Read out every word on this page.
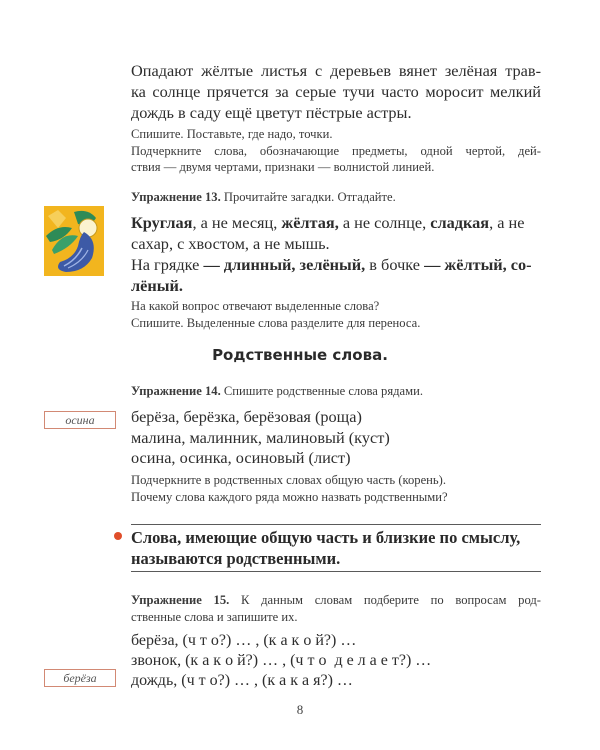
Опадают жёлтые листья с деревьев вянет зелёная трав-
ка солнце прячется за серые тучи часто моросит мелкий
дождь в саду ещё цветут пёстрые астры.
Спишите. Поставьте, где надо, точки.
Подчеркните слова, обозначающие предметы, одной чертой, дей-
ствия — двумя чертами, признаки — волнистой линией.
Упражнение 13. Прочитайте загадки. Отгадайте.
Круглая, а не месяц, жёлтая, а не солнце, сладкая, а не
сахар, с хвостом, а не мышь.
На грядке — длинный, зелёный, в бочке — жёлтый, со-
лёный.
На какой вопрос отвечают выделенные слова?
Спишите. Выделенные слова разделите для переноса.
Родственные слова.
Упражнение 14. Спишите родственные слова рядами.
осина	берёза, берёзка, берёзовая (роща)
малина, малинник, малиновый (куст)
осина, осинка, осиновый (лист)
Подчеркните в родственных словах общую часть (корень).
Почему слова каждого ряда можно назвать родственными?
Слова, имеющие общую часть и близкие по смыслу,
называются родственными.
Упражнение 15. К данным словам подберите по вопросам род-
ственные слова и запишите их.
берёза, (ч т о?) … , (к а к о й?) …
звонок, (к а к о й?) … , (ч т о  д е л а е т?) …
дождь, (ч т о?) … , (к а к а я?) …
берёза
8
